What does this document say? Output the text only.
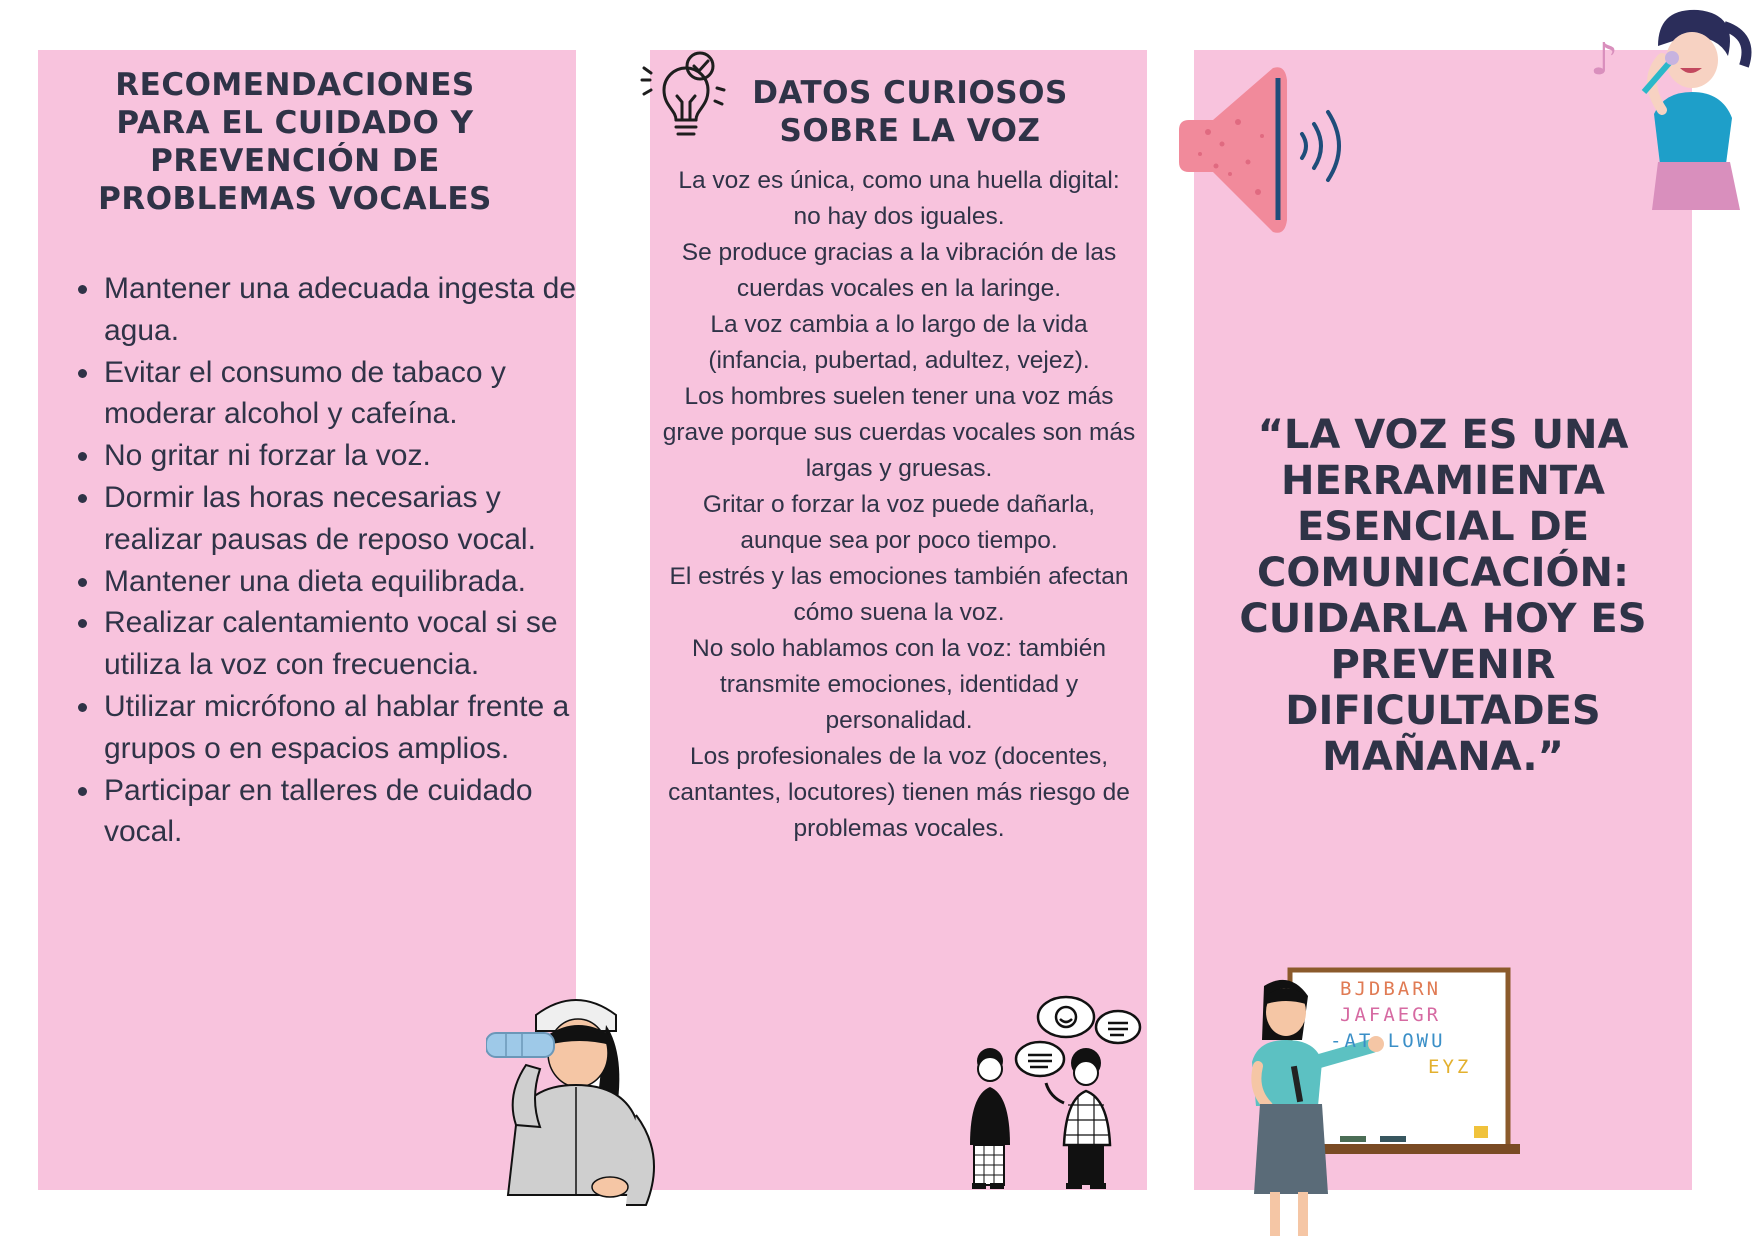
RECOMENDACIONES
PARA EL CUIDADO Y
PREVENCIÓN DE
PROBLEMAS VOCALES
• Mantener una adecuada ingesta de agua.
• Evitar el consumo de tabaco y moderar alcohol y cafeína.
• No gritar ni forzar la voz.
• Dormir las horas necesarias y realizar pausas de reposo vocal.
• Mantener una dieta equilibrada.
• Realizar calentamiento vocal si se utiliza la voz con frecuencia.
• Utilizar micrófono al hablar frente a grupos o en espacios amplios.
• Participar en talleres de cuidado vocal.
DATOS CURIOSOS
SOBRE LA VOZ

La voz es única, como una huella digital: no hay dos iguales.

Se produce gracias a la vibración de las cuerdas vocales en la laringe.

La voz cambia a lo largo de la vida (infancia, pubertad, adultez, vejez).

Los hombres suelen tener una voz más grave porque sus cuerdas vocales son más largas y gruesas.

Gritar o forzar la voz puede dañarla, aunque sea por poco tiempo.

El estrés y las emociones también afectan cómo suena la voz.

No solo hablamos con la voz: también transmite emociones, identidad y personalidad.

Los profesionales de la voz (docentes, cantantes, locutores) tienen más riesgo de problemas vocales.

♪
“LA VOZ ES UNA
HERRAMIENTA
ESENCIAL DE
COMUNICACIÓN:
CUIDARLA HOY ES
PREVENIR
DIFICULTADES
MAÑANA.”
BJDBARN
JAFAEGR
-AT LOWU
EYZ
